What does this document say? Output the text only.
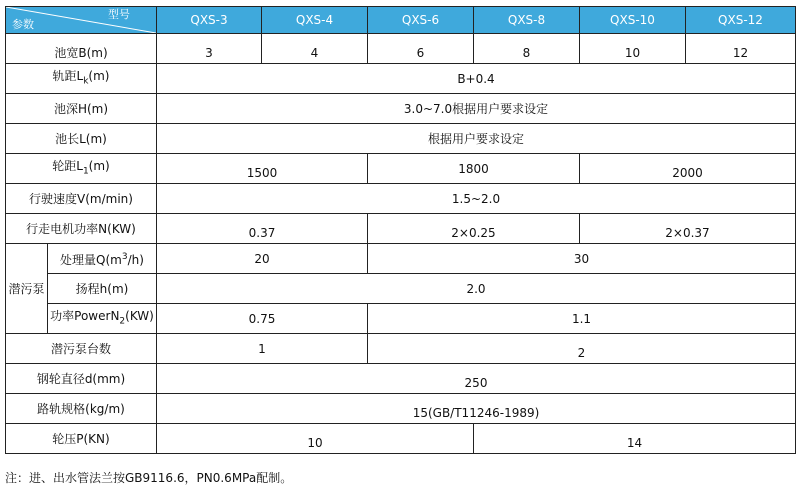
型号
参数		QXS-3	QXS-4	QXS-6	QXS-8	QXS-10	QXS-12
池宽B(m)		3	4	6	8	10	12
轨距$L_k(m)$		B+0.4					
池深H(m)		3.0~7.0根据用户要求设定					
池长L(m)		根据用户要求设定					
轮距$L_1(m)$		1500		1800		2000	
行驶速度V(m/min)		1.5~2.0					
行走电机功率N(KW)		0.37		2×0.25		2×0.37	
潜污泵	处理量$Q(m^3/h)$	20		30			
	扬程h(m)	2.0					
	功率PowerN$_2$(KW)	0.75		1.1			
潜污泵台数		1		2			
钢轮直径d(mm)		250					
路轨规格(kg/m)		15(GB/T11246-1989)					
轮压P(KN)		10			14		
注：进、出水管法兰按GB9116.6，PN0.6MPa配制。
